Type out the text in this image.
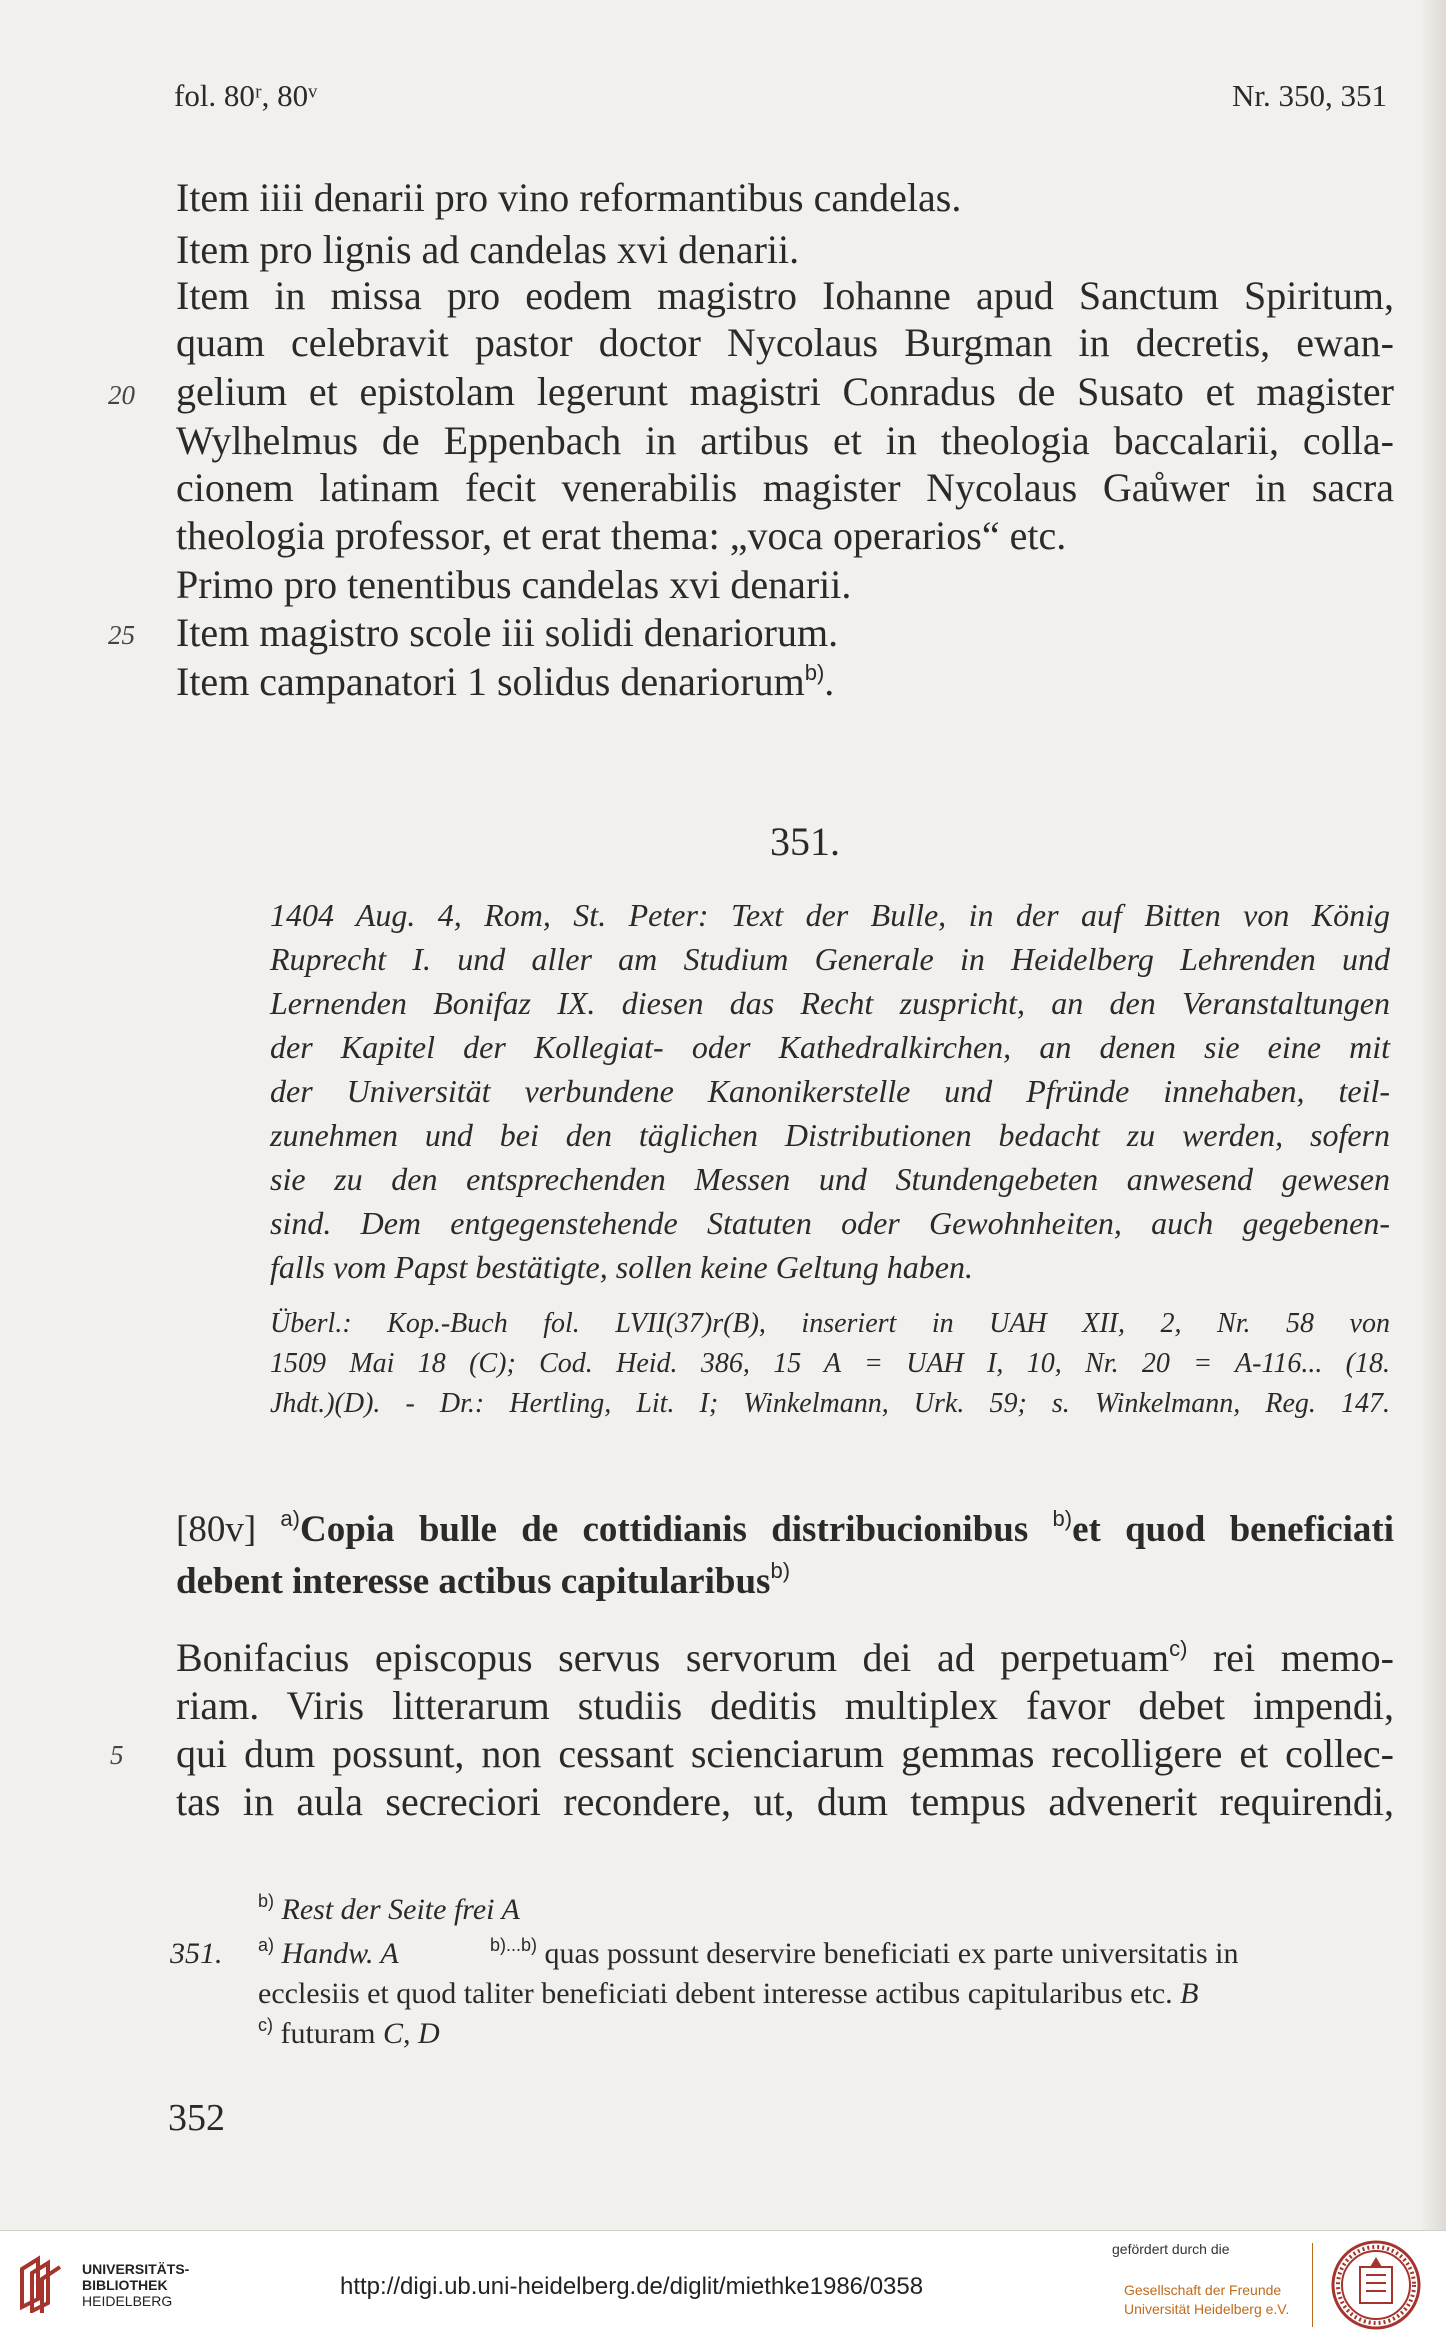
fol. 80ʳ, 80ᵛ	Nr. 350, 351
Item iiii denarii pro vino reformantibus candelas.
Item pro lignis ad candelas xvi denarii.
Item in missa pro eodem magistro Iohanne apud Sanctum Spiritum,
quam celebravit pastor doctor Nycolaus Burgman in decretis, ewan-
gelium et epistolam legerunt magistri Conradus de Susato et magister
Wylhelmus de Eppenbach in artibus et in theologia baccalarii, colla-
cionem latinam fecit venerabilis magister Nycolaus Gaůwer in sacra
theologia professor, et erat thema: „voca operarios“ etc.
Primo pro tenentibus candelas xvi denarii.
Item magistro scole iii solidi denariorum.
Item campanatori 1 solidus denariorum$^{b)}$.
20
25
351.
1404 Aug. 4, Rom, St. Peter: Text der Bulle, in der auf Bitten von König
Ruprecht I. und aller am Studium Generale in Heidelberg Lehrenden und
Lernenden Bonifaz IX. diesen das Recht zuspricht, an den Veranstaltungen
der Kapitel der Kollegiat- oder Kathedralkirchen, an denen sie eine mit
der Universität verbundene Kanonikerstelle und Pfründe innehaben, teil-
zunehmen und bei den täglichen Distributionen bedacht zu werden, sofern
sie zu den entsprechenden Messen und Stundengebeten anwesend gewesen
sind. Dem entgegenstehende Statuten oder Gewohnheiten, auch gegebenen-
falls vom Papst bestätigte, sollen keine Geltung haben.
Überl.: Kop.-Buch fol. LVII(37)r(B), inseriert in UAH XII, 2, Nr. 58 von
1509 Mai 18 (C); Cod. Heid. 386, 15 A = UAH I, 10, Nr. 20 = A-116... (18.
Jhdt.)(D). - Dr.: Hertling, Lit. I; Winkelmann, Urk. 59; s. Winkelmann, Reg. 147.
[80v] $^{a)}$Copia bulle de cottidianis distribucionibus $^{b)}$et quod beneficiati
debent interesse actibus capitularibus$^{b)}$
Bonifacius episcopus servus servorum dei ad perpetuam$^{c)}$ rei memo-
riam. Viris litterarum studiis deditis multiplex favor debet impendi,
qui dum possunt, non cessant scienciarum gemmas recolligere et collec-
tas in aula secreciori recondere, ut, dum tempus advenerit requirendi,
5
$^{b)}$ Rest der Seite frei A
351. $^{a)}$ Handw. A	$^{b)...b)}$ quas possunt deservire beneficiati ex parte universitatis in
ecclesiis et quod taliter beneficiati debent interesse actibus capitularibus etc. B
$^{c)}$ futuram C, D
352
UNIVERSITÄTS-
BIBLIOTHEK
HEIDELBERG
http://digi.ub.uni-heidelberg.de/diglit/miethke1986/0358
gefördert durch die
Gesellschaft der Freunde
Universität Heidelberg e.V.
